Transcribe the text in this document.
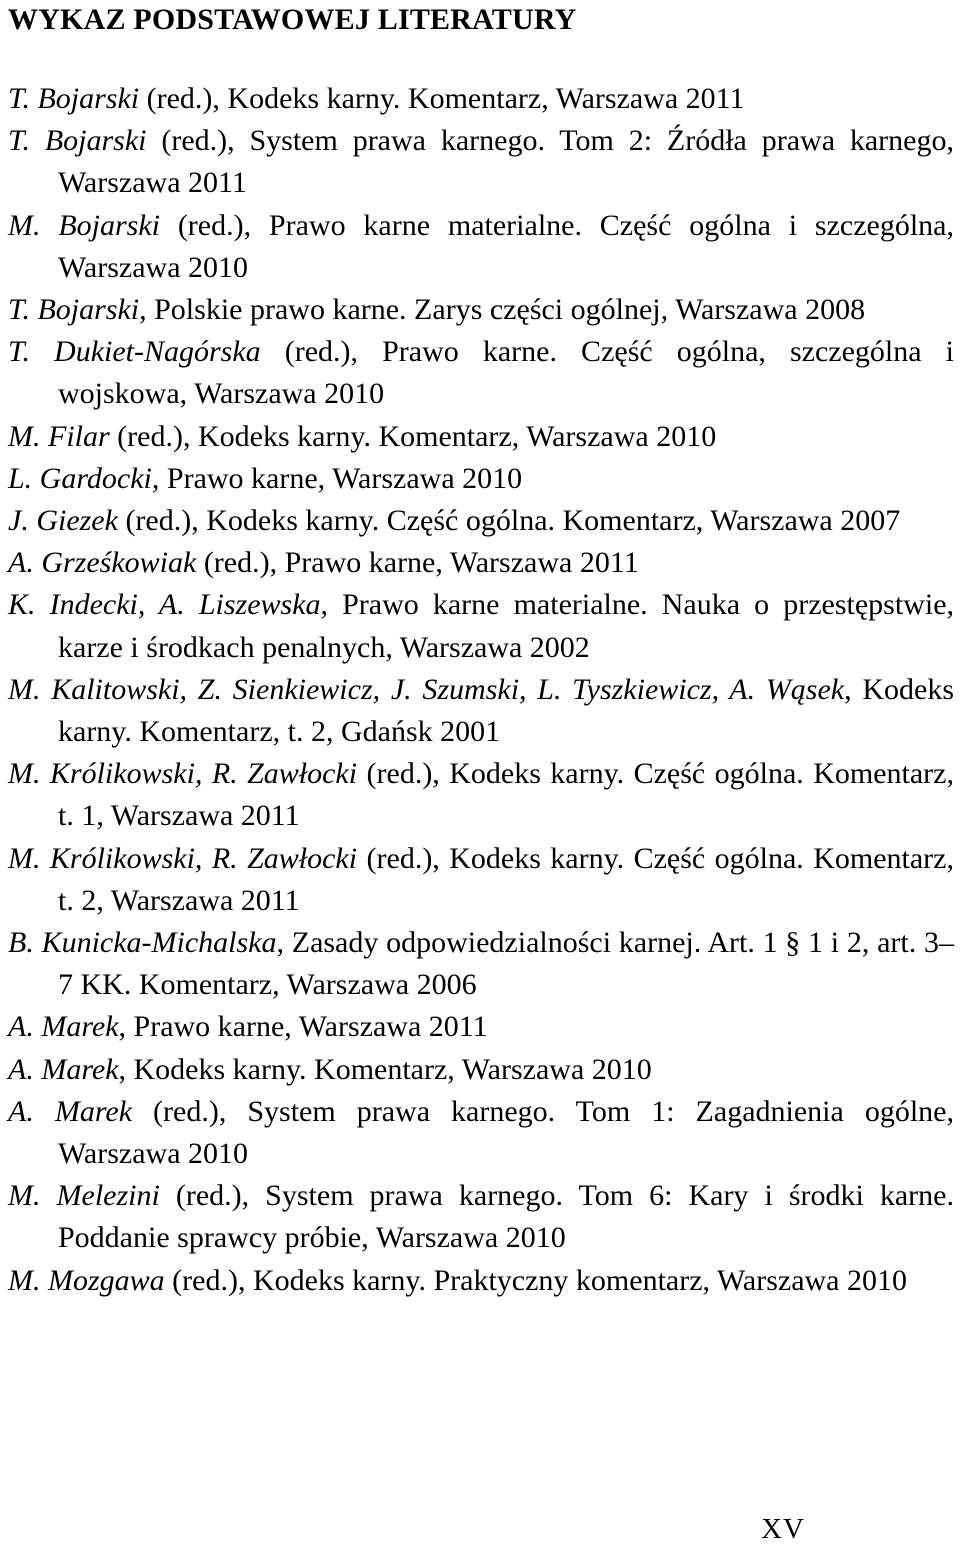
WYKAZ PODSTAWOWEJ LITERATURY
T. Bojarski (red.), Kodeks karny. Komentarz, Warszawa 2011
T. Bojarski (red.), System prawa karnego. Tom 2: Źródła prawa karnego, Warszawa 2011
M. Bojarski (red.), Prawo karne materialne. Część ogólna i szczególna, Warszawa 2010
T. Bojarski, Polskie prawo karne. Zarys części ogólnej, Warszawa 2008
T. Dukiet-Nagórska (red.), Prawo karne. Część ogólna, szczególna i wojskowa, Warszawa 2010
M. Filar (red.), Kodeks karny. Komentarz, Warszawa 2010
L. Gardocki, Prawo karne, Warszawa 2010
J. Giezek (red.), Kodeks karny. Część ogólna. Komentarz, Warszawa 2007
A. Grześkowiak (red.), Prawo karne, Warszawa 2011
K. Indecki, A. Liszewska, Prawo karne materialne. Nauka o przestępstwie, karze i środkach penalnych, Warszawa 2002
M. Kalitowski, Z. Sienkiewicz, J. Szumski, L. Tyszkiewicz, A. Wąsek, Kodeks karny. Komentarz, t. 2, Gdańsk 2001
M. Królikowski, R. Zawłocki (red.), Kodeks karny. Część ogólna. Komentarz, t. 1, Warszawa 2011
M. Królikowski, R. Zawłocki (red.), Kodeks karny. Część ogólna. Komentarz, t. 2, Warszawa 2011
B. Kunicka-Michalska, Zasady odpowiedzialności karnej. Art. 1 § 1 i 2, art. 3–7 KK. Komentarz, Warszawa 2006
A. Marek, Prawo karne, Warszawa 2011
A. Marek, Kodeks karny. Komentarz, Warszawa 2010
A. Marek (red.), System prawa karnego. Tom 1: Zagadnienia ogólne, Warszawa 2010
M. Melezini (red.), System prawa karnego. Tom 6: Kary i środki karne. Poddanie sprawcy próbie, Warszawa 2010
M. Mozgawa (red.), Kodeks karny. Praktyczny komentarz, Warszawa 2010
XV
